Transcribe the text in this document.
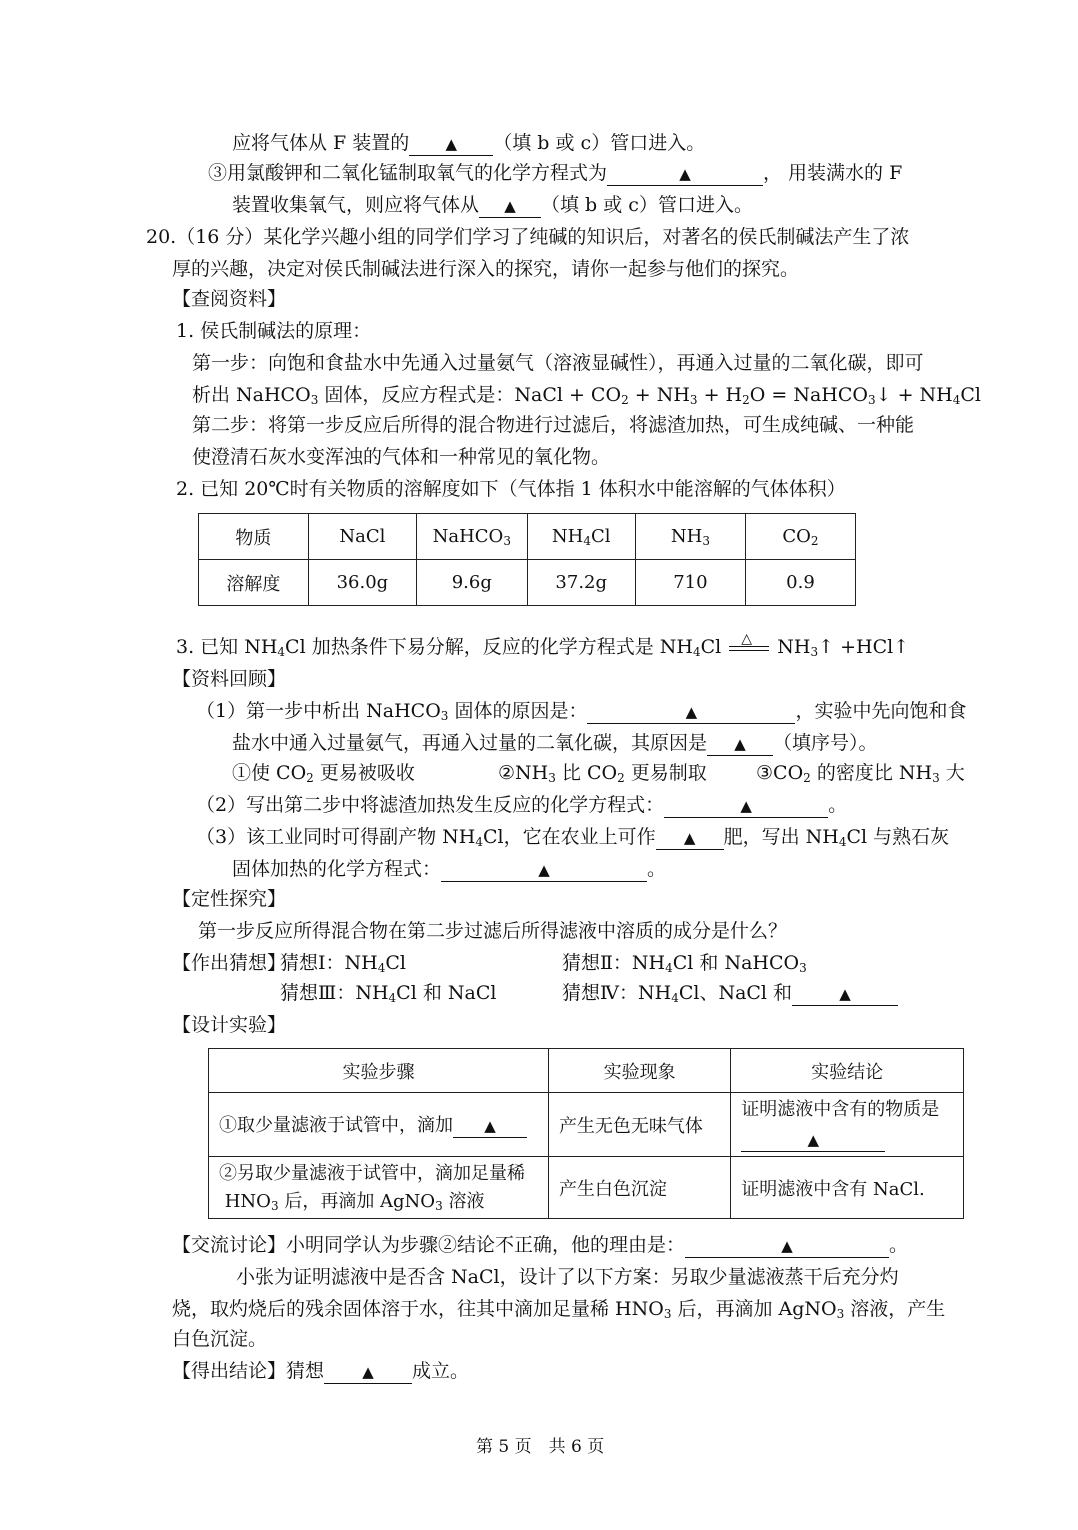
应将气体从 F 装置的 ▲ （填 b 或 c）管口进入。
③用氯酸钾和二氧化锰制取氧气的化学方程式为	▲	， 用装满水的 F
装置收集氧气，则应将气体从 ▲ （填 b 或 c）管口进入。
20.（16 分）某化学兴趣小组的同学们学习了纯碱的知识后，对著名的侯氏制碱法产生了浓
厚的兴趣，决定对侯氏制碱法进行深入的探究，请你一起参与他们的探究。
【查阅资料】
1. 侯氏制碱法的原理：
第一步：向饱和食盐水中先通入过量氨气（溶液显碱性），再通入过量的二氧化碳，即可
析出 NaHCO$_3$ 固体，反应方程式是：NaCl + $CO_2 + NH_3 + H_2O$ = NaHCO$_3$↓ + $NH_4Cl$
第二步：将第一步反应后所得的混合物进行过滤后，将滤渣加热，可生成纯碱、一种能
使澄清石灰水变浑浊的气体和一种常见的氧化物。
2. 已知 20℃时有关物质的溶解度如下（气体指 1 体积水中能溶解的气体体积）
物质	NaCl	NaHCO$_3$	$NH_4Cl$	$NH_3$	$CO_2$
溶解度	36.0g	9.6g	37.2g	710	0.9
3. 已知 $NH_4Cl$ 加热条件下易分解，反应的化学方程式是 $NH_4Cl$ △ $NH_3↑$ +HCl↑
【资料回顾】
（1）第一步中析出 NaHCO$_3$ 固体的原因是：	▲	，实验中先向饱和食
盐水中通入过量氨气，再通入过量的二氧化碳，其原因是 ▲ （填序号）。
①使 $CO_2$ 更易被吸收	$②NH_3$ 比 $CO_2$ 更易制取	$③CO_2$ 的密度比 $NH_3$ 大
（2）写出第二步中将滤渣加热发生反应的化学方程式：	▲	。
（3）该工业同时可得副产物 $NH_4Cl$，它在农业上可作 ▲ 肥，写出 $NH_4Cl$ 与熟石灰
固体加热的化学方程式：	▲	。
【定性探究】
第一步反应所得混合物在第二步过滤后所得滤液中溶质的成分是什么？
【作出猜想】
猜想Ⅰ：$NH_4Cl$	猜想Ⅱ：$NH_4Cl$ 和 NaHCO$_3$
猜想Ⅲ：$NH_4Cl$ 和 NaCl	猜想Ⅳ：$NH_4Cl$、NaCl 和	▲
【设计实验】
实验步骤	实验现象	实验结论
①取少量滤液于试管中，滴加 ▲	产生无色无味气体	证明滤液中含有的物质是
▲
②另取少量滤液于试管中，滴加足量稀
$HNO_3$ 后，再滴加 AgNO$_3$ 溶液	产生白色沉淀	证明滤液中含有 NaCl.
【交流讨论】小明同学认为步骤②结论不正确，他的理由是：	▲	。
小张为证明滤液中是否含 NaCl，设计了以下方案：另取少量滤液蒸干后充分灼
烧，取灼烧后的残余固体溶于水，往其中滴加足量稀 $HNO_3$ 后，再滴加 AgNO$_3$ 溶液，产生
白色沉淀。
【得出结论】猜想	▲ 成立。
第 5 页　共 6 页
